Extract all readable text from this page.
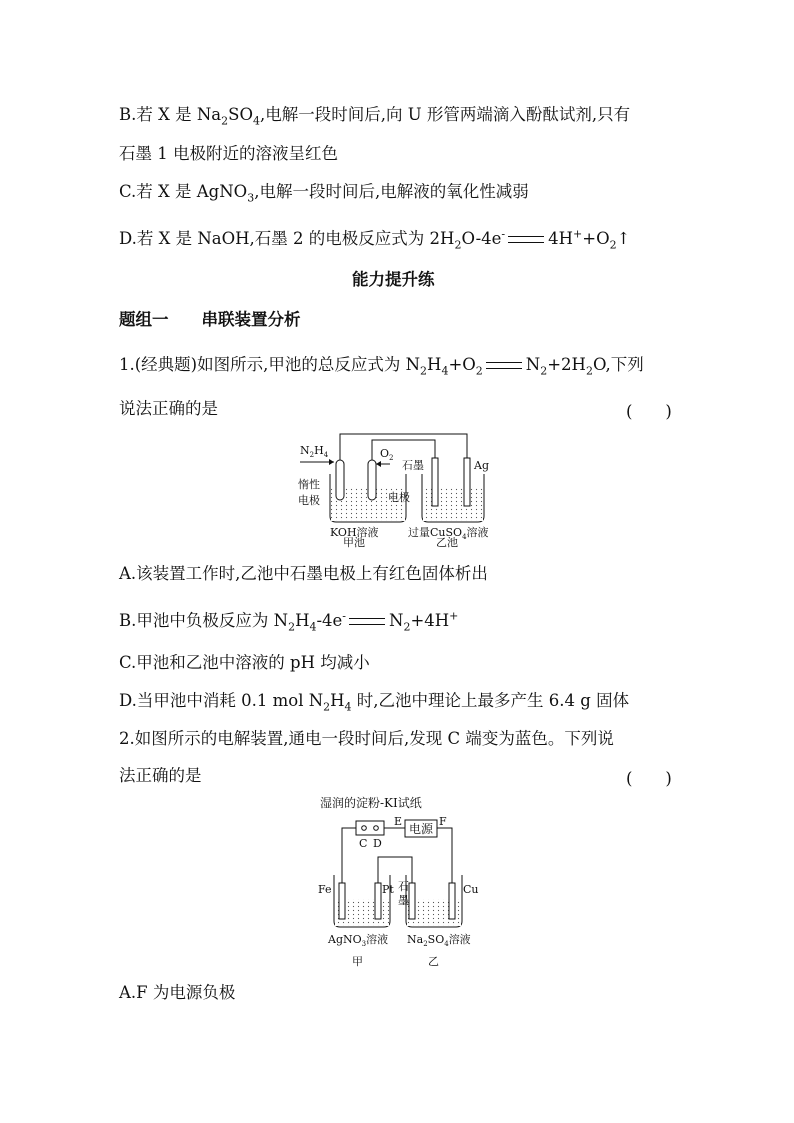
B.若 X 是 $Na_2SO_4$,电解一段时间后,向 U 形管两端滴入酚酞试剂,只有
石墨 1 电极附近的溶液呈红色
C.若 X 是 AgNO$_3$,电解一段时间后,电解液的氧化性减弱
D.若 X 是 NaOH,石墨 2 的电极反应式为 $2H_2O-4e^-$	$4H^++O_2↑$
能力提升练
题组一　　串联装置分析
1.(经典题)如图所示,甲池的总反应式为 $N_2H_4+O_2$	$N_2+2H_2O$,下列
说法正确的是	(　　)
$N_2H_4$	$O_2$
石墨	Ag
惰性
电极	电极
KOH溶液
甲池
过量CuSO$_4$溶液
乙池
A.该装置工作时,乙池中石墨电极上有红色固体析出
B.甲池中负极反应为 $N_2H_4-4e^-$	$N_2+4H^+$
C.甲池和乙池中溶液的 pH 均减小
D.当甲池中消耗 0.1 mol $N_2H_4$ 时,乙池中理论上最多产生 6.4 g 固体
2.如图所示的电解装置,通电一段时间后,发现 C 端变为蓝色。下列说
法正确的是	(　　)
湿润的淀粉-KI试纸
电源
E	F
C D
Fe	Pt 石
墨
Cu
AgNO$_3$溶液 $Na_2SO_4$溶液
甲	乙
A.F 为电源负极
